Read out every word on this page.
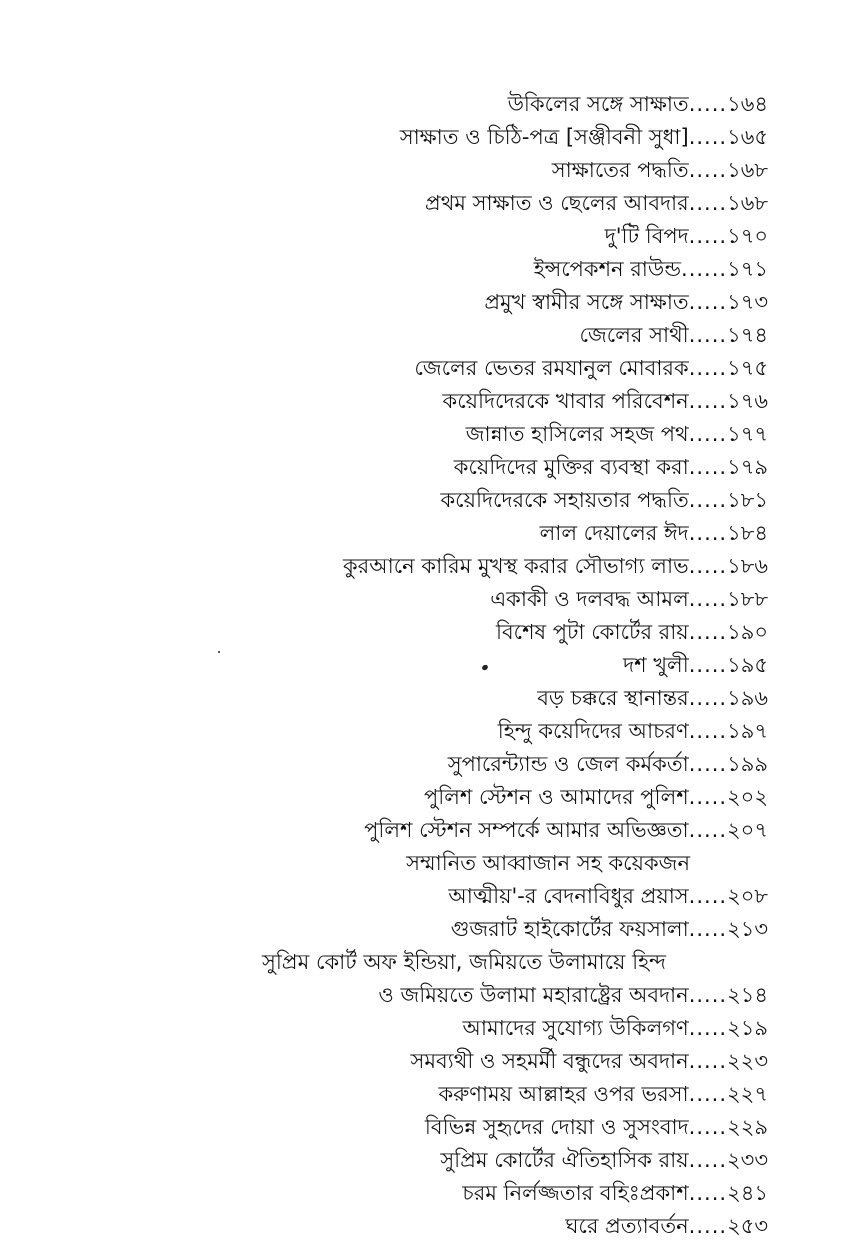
উকিলের সঙ্গে সাক্ষাত.....১৬৪
সাক্ষাত ও চিঠি-পত্র [সঞ্জীবনী সুধা].....১৬৫
সাক্ষাতের পদ্ধতি.....১৬৮
প্রথম সাক্ষাত ও ছেলের আবদার.....১৬৮
দু'টি বিপদ.....১৭০
ইন্সপেকশন রাউন্ড......১৭১
প্রমুখ স্বামীর সঙ্গে সাক্ষাত.....১৭৩
জেলের সাথী.....১৭৪
জেলের ভেতর রমযানুল মোবারক.....১৭৫
কয়েদিদেরকে খাবার পরিবেশন.....১৭৬
জান্নাত হাসিলের সহজ পথ.....১৭৭
কয়েদিদের মুক্তির ব্যবস্থা করা.....১৭৯
কয়েদিদেরকে সহায়তার পদ্ধতি.....১৮১
লাল দেয়ালের ঈদ.....১৮৪
কুরআনে কারিম মুখস্থ করার সৌভাগ্য লাভ.....১৮৬
একাকী ও দলবদ্ধ আমল.....১৮৮
বিশেষ পুটা কোর্টের রায়.....১৯০
দশ খুলী.....১৯৫
বড় চক্করে স্থানান্তর.....১৯৬
হিন্দু কয়েদিদের আচরণ.....১৯৭
সুপারেন্ট্যান্ড ও জেল কর্মকর্তা.....১৯৯
পুলিশ স্টেশন ও আমাদের পুলিশ.....২০২
পুলিশ স্টেশন সম্পর্কে আমার অভিজ্ঞতা.....২০৭
সম্মানিত আব্বাজান সহ কয়েকজন
আত্মীয়'-র বেদনাবিধুর প্রয়াস.....২০৮
গুজরাট হাইকোর্টের ফয়সালা.....২১৩
সুপ্রিম কোর্ট অফ ইন্ডিয়া, জমিয়তে উলামায়ে হিন্দ
ও জমিয়তে উলামা মহারাষ্ট্রের অবদান.....২১৪
আমাদের সুযোগ্য উকিলগণ.....২১৯
সমব্যথী ও সহমর্মী বন্ধুদের অবদান.....২২৩
করুণাময় আল্লাহর ওপর ভরসা.....২২৭
বিভিন্ন সুহৃদের দোয়া ও সুসংবাদ.....২২৯
সুপ্রিম কোর্টের ঐতিহাসিক রায়.....২৩৩
চরম নির্লজ্জতার বহিঃপ্রকাশ.....২৪১
ঘরে প্রত্যাবর্তন.....২৫৩
